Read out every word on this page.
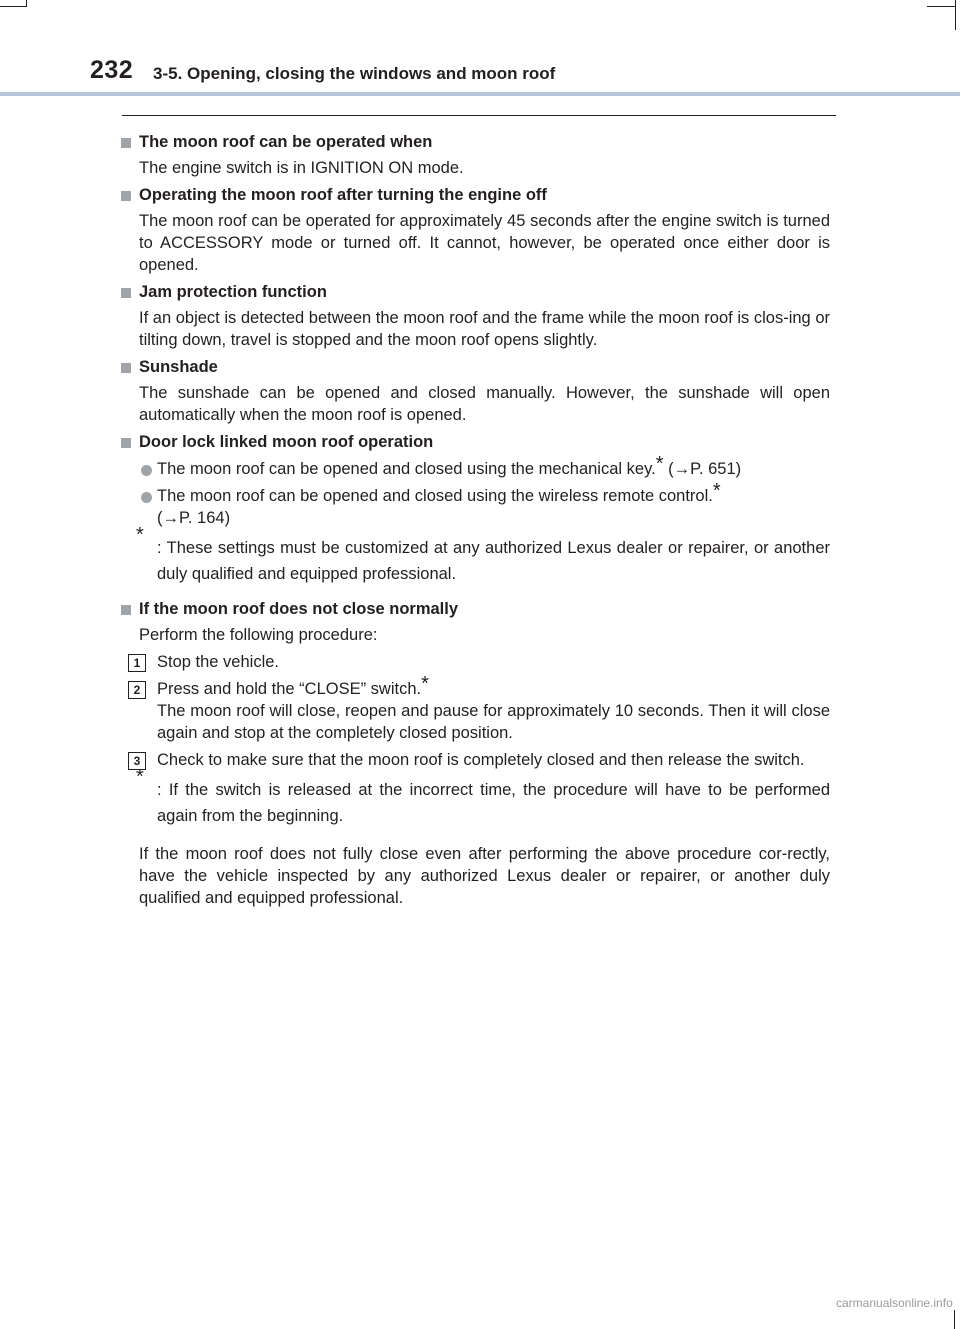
232 3-5. Opening, closing the windows and moon roof
The moon roof can be operated when
The engine switch is in IGNITION ON mode.
Operating the moon roof after turning the engine off
The moon roof can be operated for approximately 45 seconds after the engine switch is turned to ACCESSORY mode or turned off. It cannot, however, be operated once either door is opened.
Jam protection function
If an object is detected between the moon roof and the frame while the moon roof is clos-ing or tilting down, travel is stopped and the moon roof opens slightly.
Sunshade
The sunshade can be opened and closed manually. However, the sunshade will open automatically when the moon roof is opened.
Door lock linked moon roof operation
The moon roof can be opened and closed using the mechanical key.* (→P. 651)
The moon roof can be opened and closed using the wireless remote control.*
(→P. 164)
*
: These settings must be customized at any authorized Lexus dealer or repairer, or another duly qualified and equipped professional.
If the moon roof does not close normally
Perform the following procedure:
1	Stop the vehicle.
2	Press and hold the “CLOSE” switch.*
The moon roof will close, reopen and pause for approximately 10 seconds. Then it will close again and stop at the completely closed position.
3	Check to make sure that the moon roof is completely closed and then release the switch.
*
: If the switch is released at the incorrect time, the procedure will have to be performed again from the beginning.
If the moon roof does not fully close even after performing the above procedure cor-rectly, have the vehicle inspected by any authorized Lexus dealer or repairer, or another duly qualified and equipped professional.
carmanualsonline.info
